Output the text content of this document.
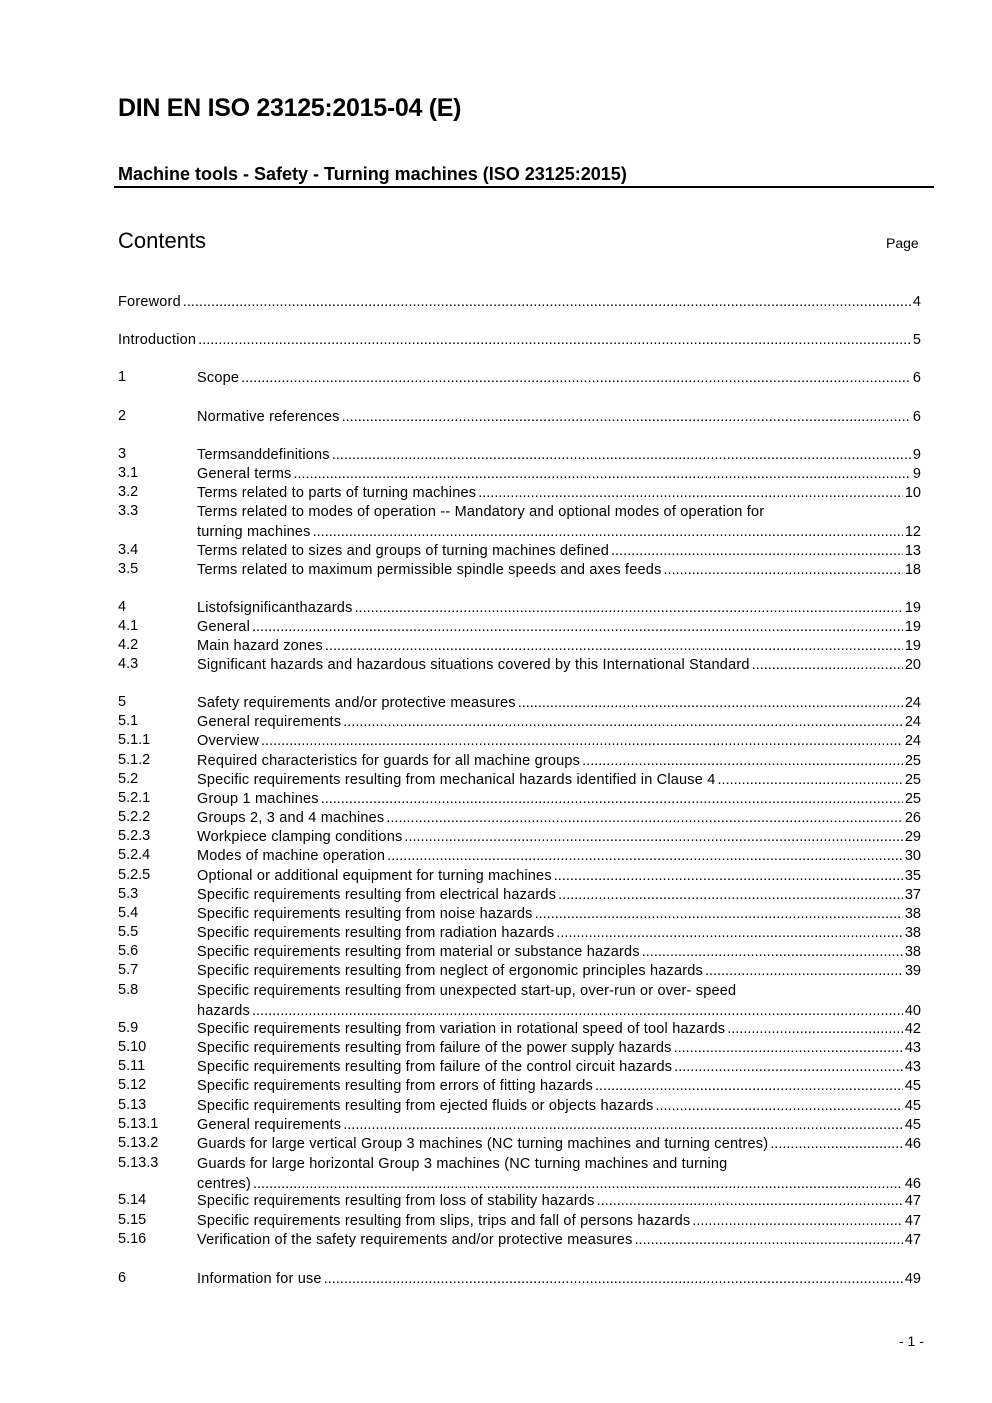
DIN EN ISO 23125:2015-04 (E)
Machine tools - Safety - Turning machines (ISO 23125:2015)
Contents	Page
Foreword .....	4
Introduction .....	5
1	Scope .....	6
2	Normative references .....	6
3	Termsanddefinitions .....	9
3.1	General terms .....	9
3.2	Terms related to parts of turning machines .....	10
3.3	Terms related to modes of operation -- Mandatory and optional modes of operation for
turning machines .....	12
3.4	Terms related to sizes and groups of turning machines defined .....	13
3.5	Terms related to maximum permissible spindle speeds and axes feeds .....	18
4	Listofsignificanthazards .....	19
4.1	General .....	19
4.2	Main hazard zones .....	19
4.3	Significant hazards and hazardous situations covered by this International Standard .....	20
5	Safety requirements and/or protective measures .....	24
5.1	General requirements .....	24
5.1.1	Overview .....	24
5.1.2	Required characteristics for guards for all machine groups .....	25
5.2	Specific requirements resulting from mechanical hazards identified in Clause 4 .....	25
5.2.1	Group 1 machines .....	25
5.2.2	Groups 2, 3 and 4 machines .....	26
5.2.3	Workpiece clamping conditions .....	29
5.2.4	Modes of machine operation .....	30
5.2.5	Optional or additional equipment for turning machines .....	35
5.3	Specific requirements resulting from electrical hazards .....	37
5.4	Specific requirements resulting from noise hazards .....	38
5.5	Specific requirements resulting from radiation hazards .....	38
5.6	Specific requirements resulting from material or substance hazards .....	38
5.7	Specific requirements resulting from neglect of ergonomic principles hazards .....	39
5.8	Specific requirements resulting from unexpected start-up, over-run or over- speed
hazards .....	40
5.9	Specific requirements resulting from variation in rotational speed of tool hazards .....	42
5.10	Specific requirements resulting from failure of the power supply hazards .....	43
5.11	Specific requirements resulting from failure of the control circuit hazards .....	43
5.12	Specific requirements resulting from errors of fitting hazards .....	45
5.13	Specific requirements resulting from ejected fluids or objects hazards .....	45
5.13.1	General requirements .....	45
5.13.2	Guards for large vertical Group 3 machines (NC turning machines and turning centres) .....	46
5.13.3	Guards for large horizontal Group 3 machines (NC turning machines and turning
centres) .....	46
5.14	Specific requirements resulting from loss of stability hazards .....	47
5.15	Specific requirements resulting from slips, trips and fall of persons hazards .....	47
5.16	Verification of the safety requirements and/or protective measures .....	47
6	Information for use .....	49
- 1 -
